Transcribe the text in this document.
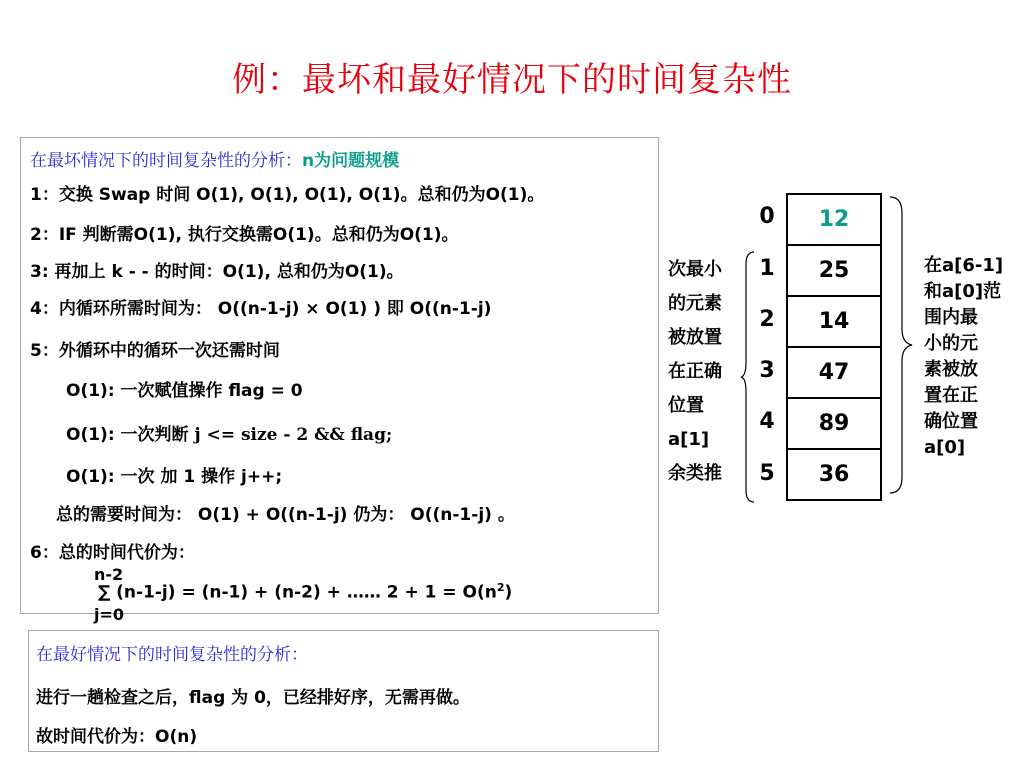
例：最坏和最好情况下的时间复杂性
在最坏情况下的时间复杂性的分析：n为问题规模
1：交换 Swap 时间 O(1), O(1), O(1), O(1)。总和仍为O(1)。
2：IF 判断需O(1), 执行交换需O(1)。总和仍为O(1)。
3: 再加上 k - - 的时间：O(1), 总和仍为O(1)。
4：内循环所需时间为： O((n-1-j) × O(1) ) 即 O((n-1-j)
5：外循环中的循环一次还需时间
O(1): 一次赋值操作 flag = 0
O(1): 一次判断 j <= size - 2 && flag;
O(1): 一次 加 1 操作 j++;
总的需要时间为： O(1) + O((n-1-j) 仍为： O((n-1-j) 。
6：总的时间代价为：
n-2
∑ (n-1-j) = (n-1) + (n-2) + …… $2 + 1 = O(n^2)$
j=0
在最好情况下的时间复杂性的分析：
进行一趟检查之后，flag 为 0，已经排好序，无需再做。
故时间代价为：O(n)
0
1
2
3
4
5
12
25
14
47
89
36
次最小
的元素
被放置
在正确
位置
a[1]
余类推
在a[6-1]
和a[0]范
围内最
小的元
素被放
置在正
确位置
a[0]
